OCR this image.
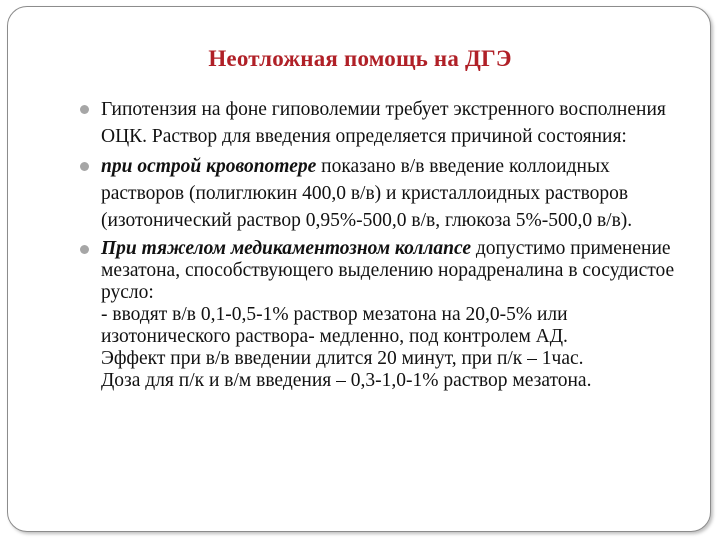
Неотложная помощь на ДГЭ
Гипотензия на фоне гиповолемии требует экстренного восполнения ОЦК. Раствор для введения определяется причиной состояния:
при острой кровопотере показано в/в введение коллоидных растворов (полиглюкин 400,0 в/в) и кристаллоидных растворов (изотонический раствор 0,95%-500,0 в/в, глюкоза 5%-500,0 в/в).
При тяжелом медикаментозном коллапсе допустимо применение мезатона, способствующего выделению норадреналина в сосудистое русло:
- вводят в/в 0,1-0,5-1% раствор мезатона на 20,0-5% или изотонического раствора- медленно, под контролем АД.
Эффект при в/в введении длится 20 минут, при п/к – 1час.
Доза для п/к и в/м введения – 0,3-1,0-1% раствор мезатона.
